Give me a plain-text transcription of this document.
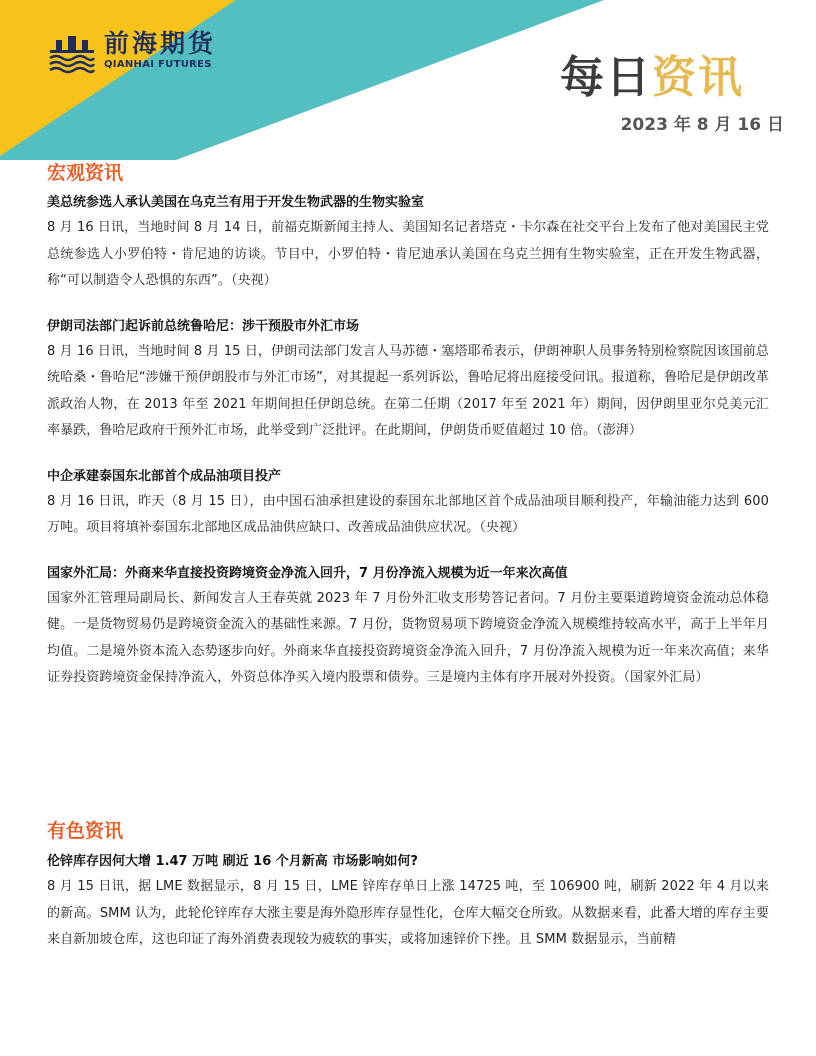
前海期货
QIANHAI FUTURES	每日资讯
2023 年 8 月 16 日
宏观资讯

美总统参选人承认美国在乌克兰有用于开发生物武器的生物实验室

8 月 16 日讯，当地时间 8 月 14 日，前福克斯新闻主持人、美国知名记者塔克・卡尔森在社交平台上发布了他对美国民主党总统参选人小罗伯特・肯尼迪的访谈。节目中，小罗伯特・肯尼迪承认美国在乌克兰拥有生物实验室，正在开发生物武器，称“可以制造令人恐惧的东西”。（央视）

伊朗司法部门起诉前总统鲁哈尼：涉干预股市外汇市场

8 月 16 日讯，当地时间 8 月 15 日，伊朗司法部门发言人马苏德・塞塔耶希表示，伊朗神职人员事务特别检察院因该国前总统哈桑・鲁哈尼“涉嫌干预伊朗股市与外汇市场”，对其提起一系列诉讼，鲁哈尼将出庭接受问讯。报道称，鲁哈尼是伊朗改革派政治人物，在 2013 年至 2021 年期间担任伊朗总统。在第二任期（2017 年至 2021 年）期间，因伊朗里亚尔兑美元汇率暴跌，鲁哈尼政府干预外汇市场，此举受到广泛批评。在此期间，伊朗货币贬值超过 10 倍。（澎湃）

中企承建泰国东北部首个成品油项目投产

8 月 16 日讯，昨天（8 月 15 日），由中国石油承担建设的泰国东北部地区首个成品油项目顺利投产，年输油能力达到 600 万吨。项目将填补泰国东北部地区成品油供应缺口、改善成品油供应状况。（央视）

国家外汇局：外商来华直接投资跨境资金净流入回升，7 月份净流入规模为近一年来次高值

国家外汇管理局副局长、新闻发言人王春英就 2023 年 7 月份外汇收支形势答记者问。7 月份主要渠道跨境资金流动总体稳健。一是货物贸易仍是跨境资金流入的基础性来源。7 月份，货物贸易项下跨境资金净流入规模维持较高水平，高于上半年月均值。二是境外资本流入态势逐步向好。外商来华直接投资跨境资金净流入回升，7 月份净流入规模为近一年来次高值；来华证券投资跨境资金保持净流入，外资总体净买入境内股票和债券。三是境内主体有序开展对外投资。（国家外汇局）

有色资讯

伦锌库存因何大增 1.47 万吨 刷近 16 个月新高 市场影响如何?

8 月 15 日讯，据 LME 数据显示，8 月 15 日，LME 锌库存单日上涨 14725 吨，至 106900 吨，刷新 2022 年 4 月以来的新高。SMM 认为，此轮伦锌库存大涨主要是海外隐形库存显性化，仓库大幅交仓所致。从数据来看，此番大增的库存主要来自新加坡仓库，这也印证了海外消费表现较为疲软的事实，或将加速锌价下挫。且 SMM 数据显示，当前精
